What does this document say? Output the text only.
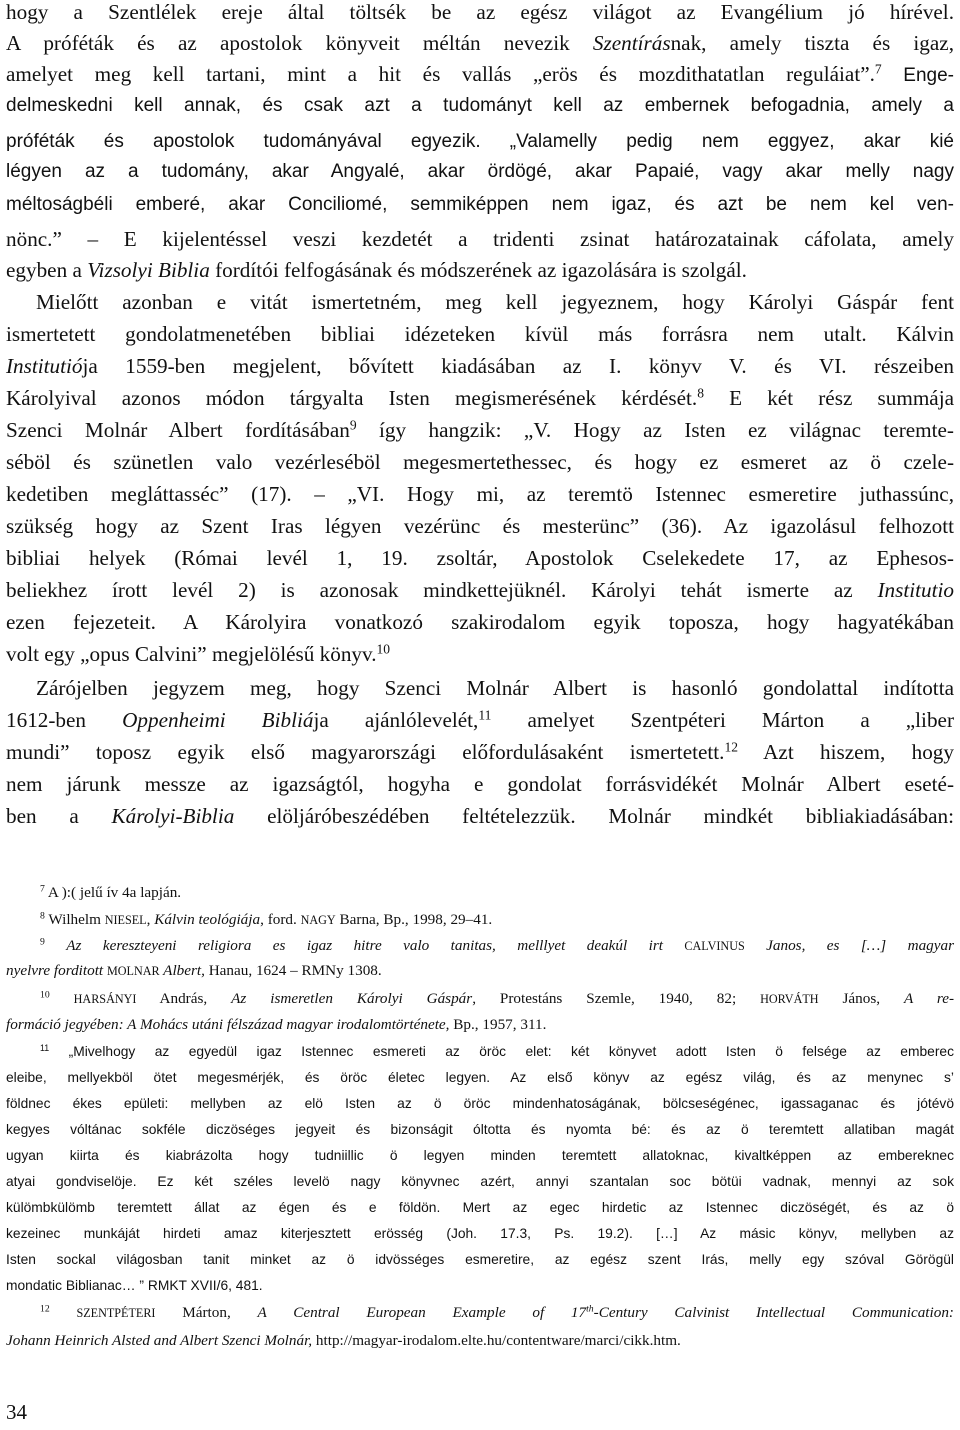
hogy a Szentlélek ereje által töltsék be az egész világot az Evangélium jó hírével.
A próféták és az apostolok könyveit méltán nevezik Szentírásnak, amely tiszta és igaz,
amelyet meg kell tartani, mint a hit és vallás „erös és mozdithatatlan reguláiat”.$^7$ Enge-
delmeskedni kell annak, és csak azt a tudományt kell az embernek befogadnia, amely a
próféták és apostolok tudományával egyezik. „Valamelly pedig nem eggyez, akar kié
légyen az a tudomány, akar Angyalé, akar ördögé, akar Papaié, vagy akar melly nagy
méltoságbéli emberé, akar Conciliomé, semmiképpen nem igaz, és azt be nem kel ven-
nönc.” – E kijelentéssel veszi kezdetét a tridenti zsinat határozatainak cáfolata, amely
egyben a Vizsolyi Biblia fordítói felfogásának és módszerének az igazolására is szolgál.
Mielőtt azonban e vitát ismertetném, meg kell jegyeznem, hogy Károlyi Gáspár fent
ismertetett gondolatmenetében bibliai idézeteken kívül más forrásra nem utalt. Kálvin
Institutiója 1559-ben megjelent, bővített kiadásában az I. könyv V. és VI. részeiben
Károlyival azonos módon tárgyalta Isten megismerésének kérdését.$^8$ E két rész summája
Szenci Molnár Albert fordításában$^9$ így hangzik: „V. Hogy az Isten ez világnac teremte-
séböl és szünetlen valo vezérleséböl megesmertethessec, és hogy ez esmeret az ö czele-
kedetiben megláttasséc” (17). – „VI. Hogy mi, az teremtö Istennec esmeretire juthassúnc,
szükség hogy az Szent Iras légyen vezérünc és mesterünc” (36). Az igazolásul felhozott
bibliai helyek (Római levél 1, 19. zsoltár, Apostolok Cselekedete 17, az Ephesos-
beliekhez írott levél 2) is azonosak mindkettejüknél. Károlyi tehát ismerte az Institutio
ezen fejezeteit. A Károlyira vonatkozó szakirodalom egyik toposza, hogy hagyatékában
volt egy „opus Calvini” megjelölésű könyv.$^{10}$
Zárójelben jegyzem meg, hogy Szenci Molnár Albert is hasonló gondolattal indította
1612-ben Oppenheimi Bibliája ajánlólevelét,$^{11}$ amelyet Szentpéteri Márton a „liber
mundi” toposz egyik első magyarországi előfordulásaként ismertetett.$^{12}$ Azt hiszem, hogy
nem járunk messze az igazságtól, hogyha e gondolat forrásvidékét Molnár Albert eseté-
ben a Károlyi-Biblia elöljáróbeszédében feltételezzük. Molnár mindkét bibliakiadásában:
$^7$ A ):( jelű ív 4a lapján.
$^8$ Wilhelm NIESEL, Kálvin teológiája, ford. NAGY Barna, Bp., 1998, 29–41.
$^9$ Az kereszteyeni religiora es igaz hitre valo tanitas, melllyet deakúl irt CALVINUS Janos, es […] magyar
nyelvre forditott MOLNAR Albert, Hanau, 1624 – RMNy 1308.
$^{10}$ HARSÁNYI András, Az ismeretlen Károlyi Gáspár, Protestáns Szemle, 1940, 82; HORVÁTH János, A re-
formáció jegyében: A Mohács utáni félszázad magyar irodalomtörténete, Bp., 1957, 311.
$^{11}$ „Mivelhogy az egyedül igaz Istennec esmereti az öröc elet: két könyvet adott Isten ö felsége az emberec
eleibe, mellyekböl ötet megesmérjék, és öröc életec legyen. Az első könyv az egész világ, és az menynec s’
földnec ékes epületi: mellyben az elö Isten az ö öröc mindenhatoságának, bölcseségénec, igassaganac és jótévö
kegyes vóltánac sokféle diczöséges jegyeit és bizonságit óltotta és nyomta bé: és az ö teremtett allatiban magát
ugyan kiirta és kiabrázolta hogy tudniillic ö legyen minden teremtett allatoknac, kivaltképpen az embereknec
atyai gondviselöje. Ez két széles levelö nagy könyvnec azért, annyi szantalan soc bötüi vadnak, mennyi az sok
külömbkülömb teremtett állat az égen és e földön. Mert az egec hirdetic az Istennec diczöségét, és az ö
kezeinec munkáját hirdeti amaz kiterjesztett erösség (Joh. 17.3, Ps. 19.2). […] Az másic könyv, mellyben az
Isten sockal világosban tanit minket az ö idvösséges esmeretire, az egész szent Irás, melly egy szóval Görögül
mondatic Biblianac… ” RMKT XVII/6, 481.
$^{12}$ SZENTPÉTERI Márton, A Central European Example of 17th-Century Calvinist Intellectual Communication:
Johann Heinrich Alsted and Albert Szenci Molnár, http://magyar-irodalom.elte.hu/contentware/marci/cikk.htm.
34
